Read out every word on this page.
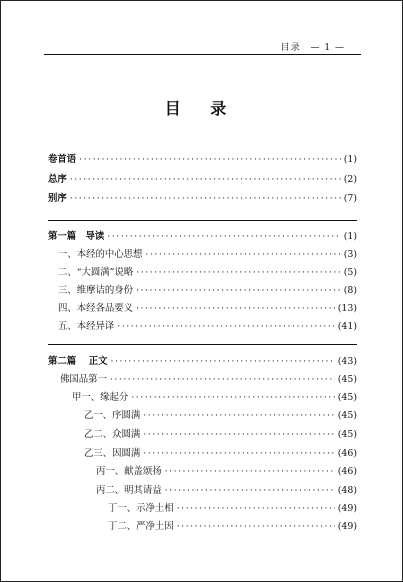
目录 — 1 —
目 录
卷首语 ·····	(1)
总序 ·····	(2)
别序 ·····	(7)
第一篇　导读 ·····	(1)
一、本经的中心思想 ·····	(3)
二、“大圆满”说略 ·····	(5)
三、维摩诘的身份 ·····	(8)
四、本经各品要义 ·····	(13)
五、本经异译 ·····	(41)
第二篇　 正文 ·····	(43)
佛国品第一 ·····	(45)
甲一、缘起分 ·····	(45)
乙一、序圆满 ·····	(45)
乙二、众圆满 ·····	(45)
乙三、因圆满 ·····	(46)
丙一、献盖颂扬 ·····	(46)
丙二、明其请益 ·····	(48)
丁一、示净土相 ·····	(49)
丁二、严净土因 ·····	(49)
